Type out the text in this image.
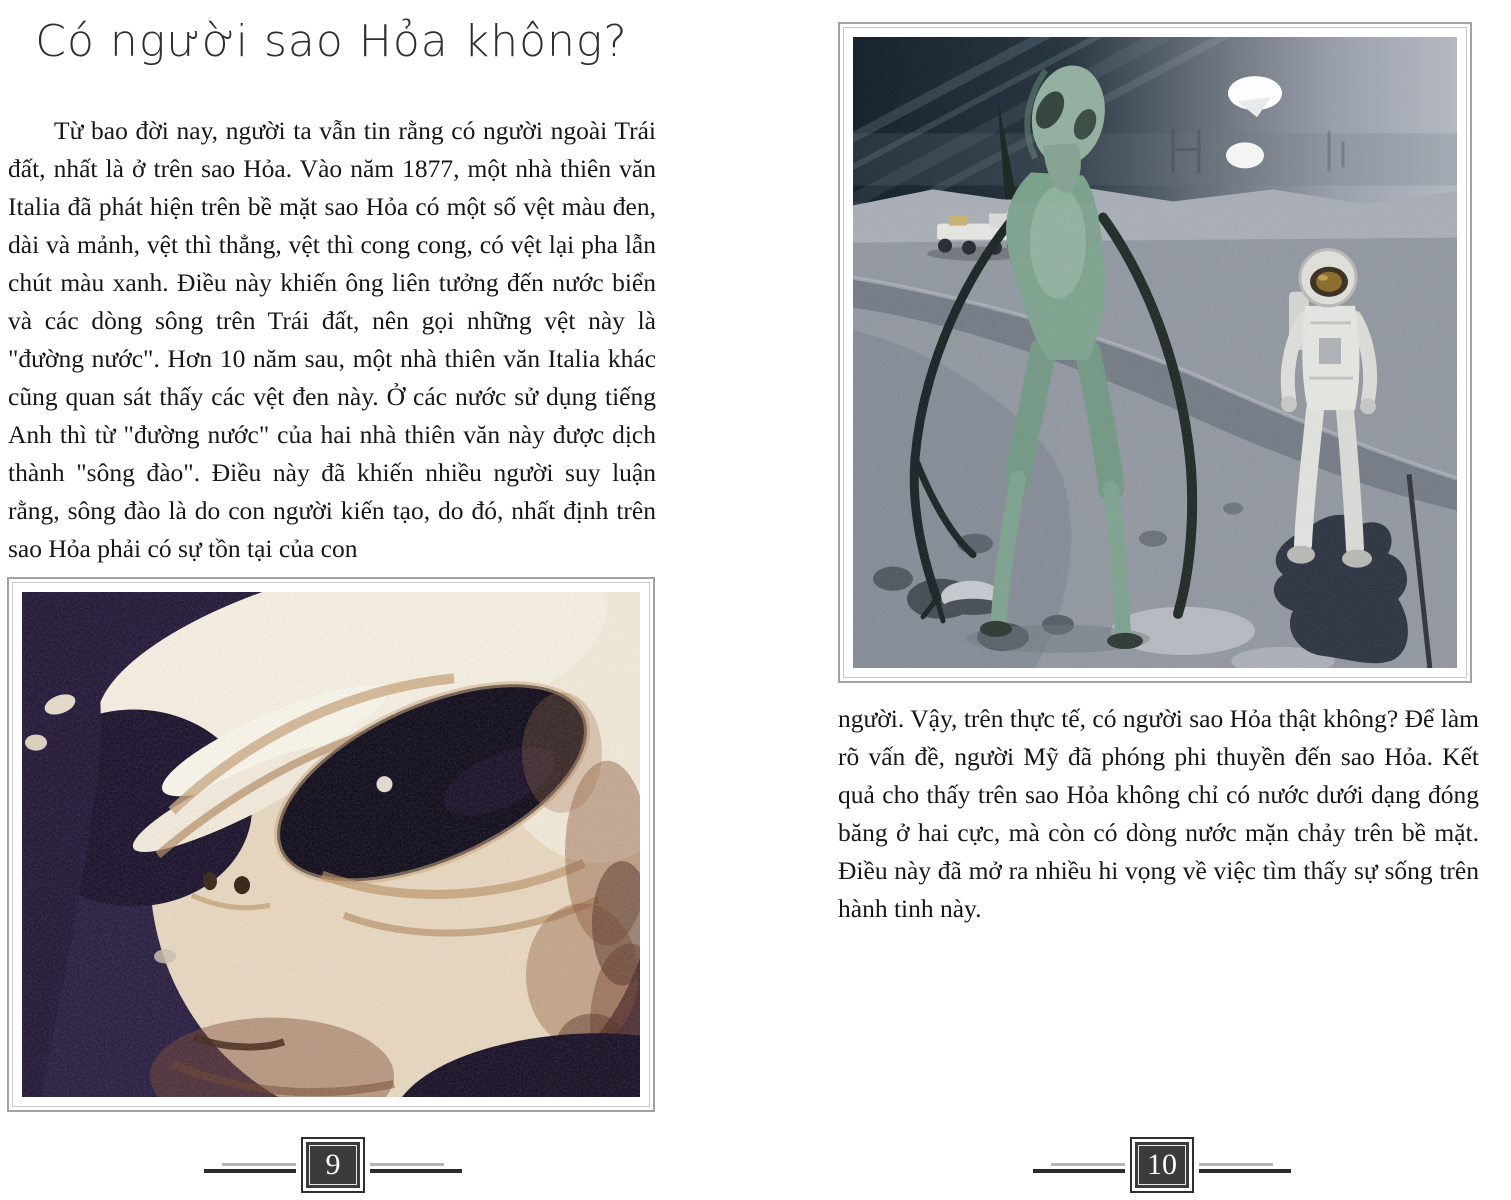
Có người sao Hỏa không?
Từ bao đời nay, người ta vẫn tin rằng có người ngoài Trái đất, nhất là ở trên sao Hỏa. Vào năm 1877, một nhà thiên văn Italia đã phát hiện trên bề mặt sao Hỏa có một số vệt màu đen, dài và mảnh, vệt thì thẳng, vệt thì cong cong, có vệt lại pha lẫn chút màu xanh. Điều này khiến ông liên tưởng đến nước biển và các dòng sông trên Trái đất, nên gọi những vệt này là "đường nước". Hơn 10 năm sau, một nhà thiên văn Italia khác cũng quan sát thấy các vệt đen này. Ở các nước sử dụng tiếng Anh thì từ "đường nước" của hai nhà thiên văn này được dịch thành "sông đào". Điều này đã khiến nhiều người suy luận rằng, sông đào là do con người kiến tạo, do đó, nhất định trên sao Hỏa phải có sự tồn tại của con
9
người. Vậy, trên thực tế, có người sao Hỏa thật không? Để làm rõ vấn đề, người Mỹ đã phóng phi thuyền đến sao Hỏa. Kết quả cho thấy trên sao Hỏa không chỉ có nước dưới dạng đóng băng ở hai cực, mà còn có dòng nước mặn chảy trên bề mặt. Điều này đã mở ra nhiều hi vọng về việc tìm thấy sự sống trên hành tinh này.
10
